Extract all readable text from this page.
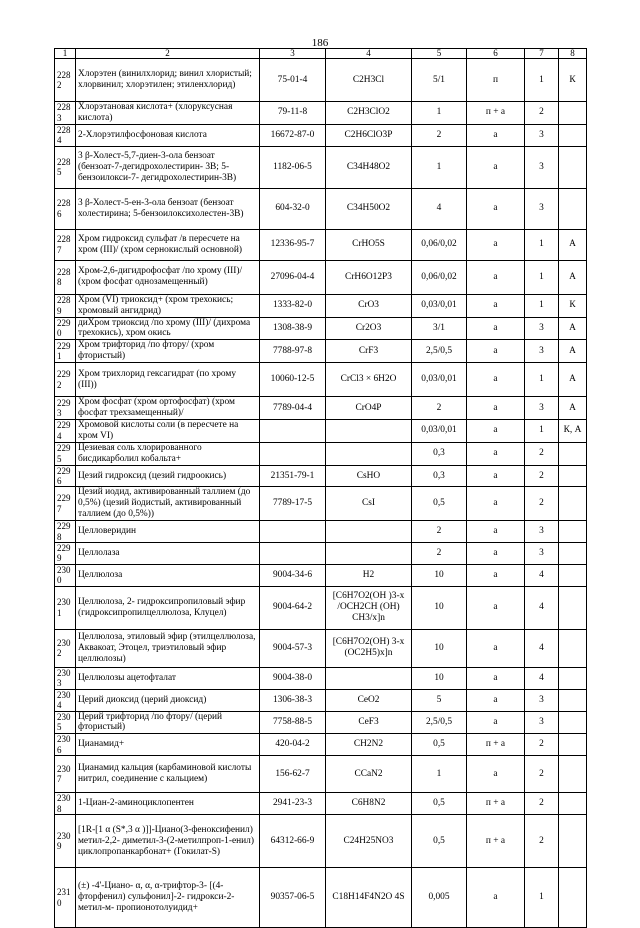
186
1	2	3	4	5	6	7	8
2282	Хлорэтен (винилхлорид; винил хлористый; хлорвинил; хлорэтилен; этиленхлорид)	75-01-4	C2H3Cl	5/1	п	1	К
2283	Хлорэтановая кислота+ (хлоруксусная кислота)	79-11-8	C2H3ClO2	1	п + а	2	
2284	2-Хлорэтилфосфоновая кислота	16672-87-0	C2H6ClO3P	2	а	3	
2285	3 β-Холест-5,7-диен-3-ола бензоат (бензоат-7-дегидрохолестирин- 3В; 5-бензоилокси-7- дегидрохолестирин-3В)	1182-06-5	C34H48O2	1	а	3	
2286	3 β-Холест-5-ен-3-ола бензоат (бензоат холестирина; 5-бензоилоксихолестен-3В)	604-32-0	C34H50O2	4	а	3	
2287	Хром гидроксид сульфат /в пересчете на хром (III)/ (хром сернокислый основной)	12336-95-7	CrHO5S	0,06/0,02	а	1	А
2288	Хром-2,6-дигидрофосфат /по хрому (III)/ (хром фосфат однозамещенный)	27096-04-4	CrH6O12P3	0,06/0,02	а	1	А
2289	Хром (VI) триоксид+ (хром трехокись; хромовый ангидрид)	1333-82-0	CrO3	0,03/0,01	а	1	К
2290	диХром триоксид /по хрому (III)/ (дихрома трехокись), хром окись	1308-38-9	Cr2O3	3/1	а	3	А
2291	Хром трифторид /по фтору/ (хром фтористый)	7788-97-8	CrF3	2,5/0,5	а	3	А
2292	Хром трихлорид гексагидрат (по хрому (III))	10060-12-5	CrCl3 × 6H2O	0,03/0,01	а	1	А
2293	Хром фосфат (хром ортофосфат) (хром фосфат трехзамещенный)/	7789-04-4	CrO4P	2	а	3	А
2294	Хромовой кислоты соли (в пересчете на хром VI)			0,03/0,01	а	1	К, А
2295	Цезиевая соль хлорированного бисдикарболил кобальта+			0,3	а	2	
2296	Цезий гидроксид (цезий гидроокись)	21351-79-1	CsHO	0,3	а	2	
2297	Цезий иодид, активированный таллием (до 0,5%) (цезий йодистый, активированный таллием (до 0,5%))	7789-17-5	CsI	0,5	а	2	
2298	Целловеридин			2	а	3	
2299	Целлолаза			2	а	3	
2300	Целлюлоза	9004-34-6	H2	10	а	4	
2301	Целлюлоза, 2- гидроксипропиловый эфир (гидроксипропилцеллюлоза, Клуцел)	9004-64-2	[C6H7O2(OH )3-x /OCH2CH (OH) CH3/x]n	10	а	4	
2302	Целлюлоза, этиловый эфир (этилцеллюлоза, Аквакоат, Этоцел, триэтиловый эфир целлюлозы)	9004-57-3	[C6H7O2(OH) 3-x (OC2H5)x]n	10	а	4	
2303	Целлюлозы ацетофталат	9004-38-0		10	а	4	
2304	Церий диоксид (церий диоксид)	1306-38-3	CeO2	5	а	3	
2305	Церий трифторид /по фтору/ (церий фтористый)	7758-88-5	CeF3	2,5/0,5	а	3	
2306	Цианамид+	420-04-2	CH2N2	0,5	п + а	2	
2307	Цианамид кальция (карбаминовой кислоты нитрил, соединение с кальцием)	156-62-7	CCaN2	1	а	2	
2308	1-Циан-2-аминоциклопентен	2941-23-3	C6H8N2	0,5	п + а	2	
2309	[1R-[1 α (S*,3 α )]]-Циано(3-феноксифенил) метил-2,2- диметил-3-(2-метилпроп-1-енил) циклопропанкарбонат+ (Гокилат-S)	64312-66-9	C24H25NO3	0,5	п + а	2	
2310	(±) -4'-Циано- α, α, α-трифтор-3- [(4-фторфенил) сульфонил]-2- гидрокси-2-метил-м- пропионотолуидид+	90357-06-5	C18H14F4N2O 4S	0,005	а	1	
